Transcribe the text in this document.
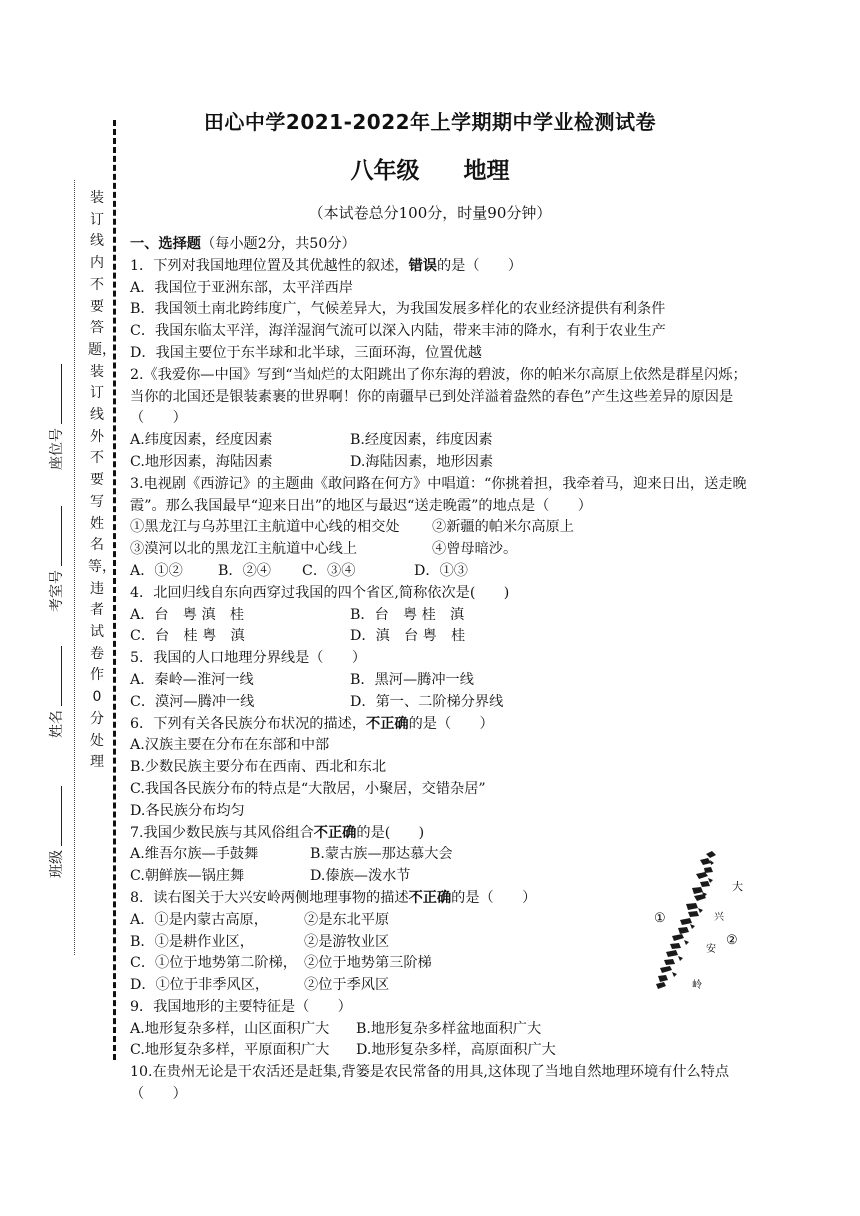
装订线内不要答题，装订线外不要写姓名等，违者试卷作0分处理
座位号
考室号
姓名
班级
田心中学2021-2022年上学期期中学业检测试卷
八年级 地理
（本试卷总分100分，时量90分钟）

一、选择题（每小题2分，共50分）

1．下列对我国地理位置及其优越性的叙述，错误的是（　　）

A．我国位于亚洲东部，太平洋西岸

B．我国领土南北跨纬度广，气候差异大，为我国发展多样化的农业经济提供有利条件

C．我国东临太平洋，海洋湿润气流可以深入内陆，带来丰沛的降水，有利于农业生产

D．我国主要位于东半球和北半球，三面环海，位置优越

2.《我爱你—中国》写到“当灿烂的太阳跳出了你东海的碧波，你的帕米尔高原上依然是群星闪烁；当你的北国还是银装素裹的世界啊！你的南疆早已到处洋溢着盎然的春色”产生这些差异的原因是（　　）

A.纬度因素，经度因素	B.经度因素，纬度因素
C.地形因素，海陆因素	D.海陆因素，地形因素

3.电视剧《西游记》的主题曲《敢问路在何方》中唱道：“你挑着担，我牵着马，迎来日出，送走晚霞”。那么我国最早“迎来日出”的地区与最迟“送走晚霞”的地点是（　　）

①黑龙江与乌苏里江主航道中心线的相交处	②新疆的帕米尔高原上
③漠河以北的黑龙江主航道中心线上	④曾母暗沙。
A．①②	B．②④	C．③④	D．①③

4．北回归线自东向西穿过我国的四个省区,简称依次是(　　)

A．台　粤 滇　桂	B．台　粤 桂　滇
C．台　桂 粤　滇	D．滇　台 粤　桂

5．我国的人口地理分界线是（　　）

A．秦岭—淮河一线	B．黑河—腾冲一线
C．漠河—腾冲一线	D．第一、二阶梯分界线

6．下列有关各民族分布状况的描述，不正确的是（　　）

A.汉族主要在分布在东部和中部

B.少数民族主要分布在西南、西北和东北

C.我国各民族分布的特点是“大散居，小聚居，交错杂居”

D.各民族分布均匀

7.我国少数民族与其风俗组合不正确的是(　　)

A.维吾尔族—手鼓舞	B.蒙古族—那达慕大会
C.朝鲜族—锅庄舞	D.傣族—泼水节

8．读右图关于大兴安岭两侧地理事物的描述不正确的是（　　）

A．①是内蒙古高原，	②是东北平原
B．①是耕作业区，	②是游牧业区
C．①位于地势第二阶梯， ②位于地势第三阶梯
D．①位于非季风区，	②位于季风区

9．我国地形的主要特征是（　　）

A.地形复杂多样，山区面积广大	B.地形复杂多样盆地面积广大
C.地形复杂多样，平原面积广大	D.地形复杂多样，高原面积广大

10.在贵州无论是干农活还是赶集,背篓是农民常备的用具,这体现了当地自然地理环境有什么特点（　　）

①
②
大
兴
安
岭
